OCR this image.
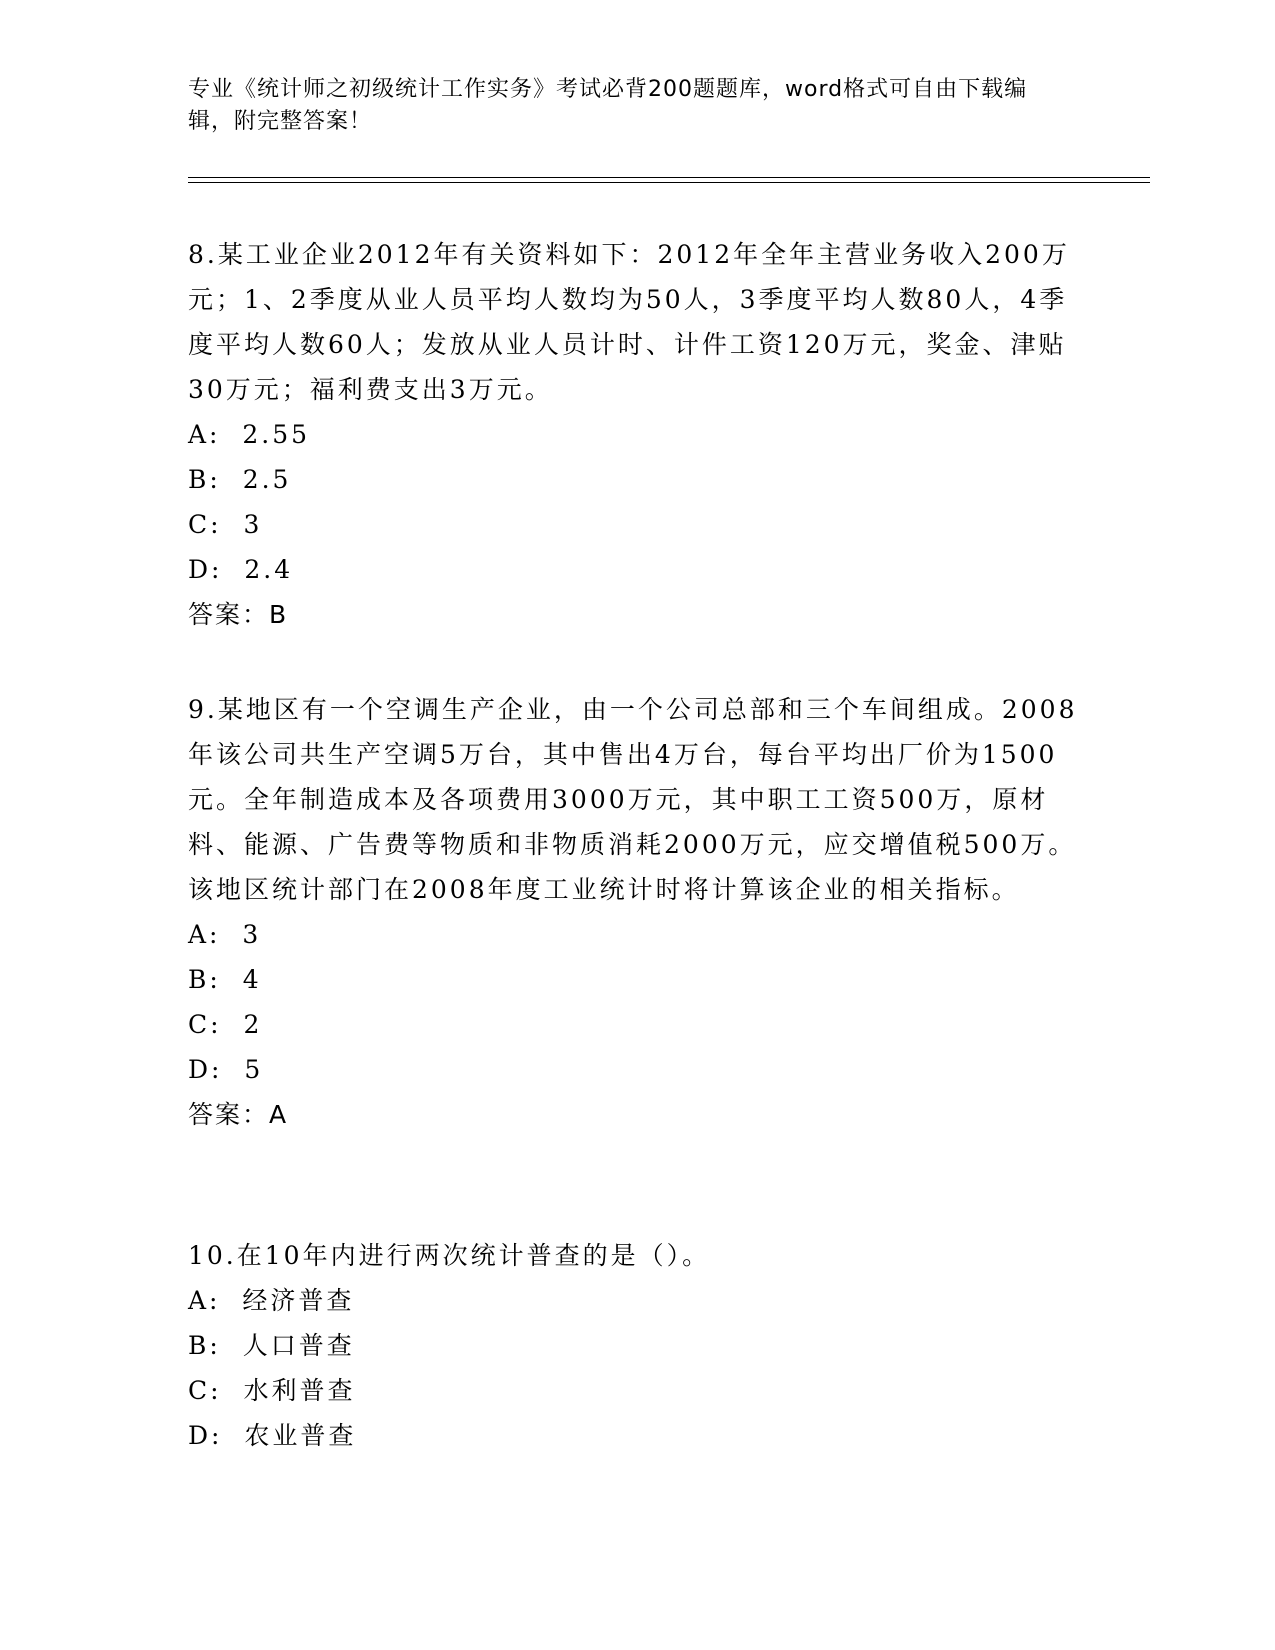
专业《统计师之初级统计工作实务》考试必背200题题库，word格式可自由下载编辑，附完整答案！
8.某工业企业2012年有关资料如下：2012年全年主营业务收入200万元；1、2季度从业人员平均人数均为50人，3季度平均人数80人，4季度平均人数60人；发放从业人员计时、计件工资120万元，奖金、津贴30万元；福利费支出3万元。
A:  2.55
B:  2.5
C:  3
D:  2.4
答案：B
9.某地区有一个空调生产企业，由一个公司总部和三个车间组成。2008年该公司共生产空调5万台，其中售出4万台，每台平均出厂价为1500元。全年制造成本及各项费用3000万元，其中职工工资500万，原材料、能源、广告费等物质和非物质消耗2000万元，应交增值税500万。该地区统计部门在2008年度工业统计时将计算该企业的相关指标。
A:  3
B:  4
C:  2
D:  5
答案：A
10.在10年内进行两次统计普查的是（）。
A:  经济普查
B:  人口普查
C:  水利普查
D:  农业普查
